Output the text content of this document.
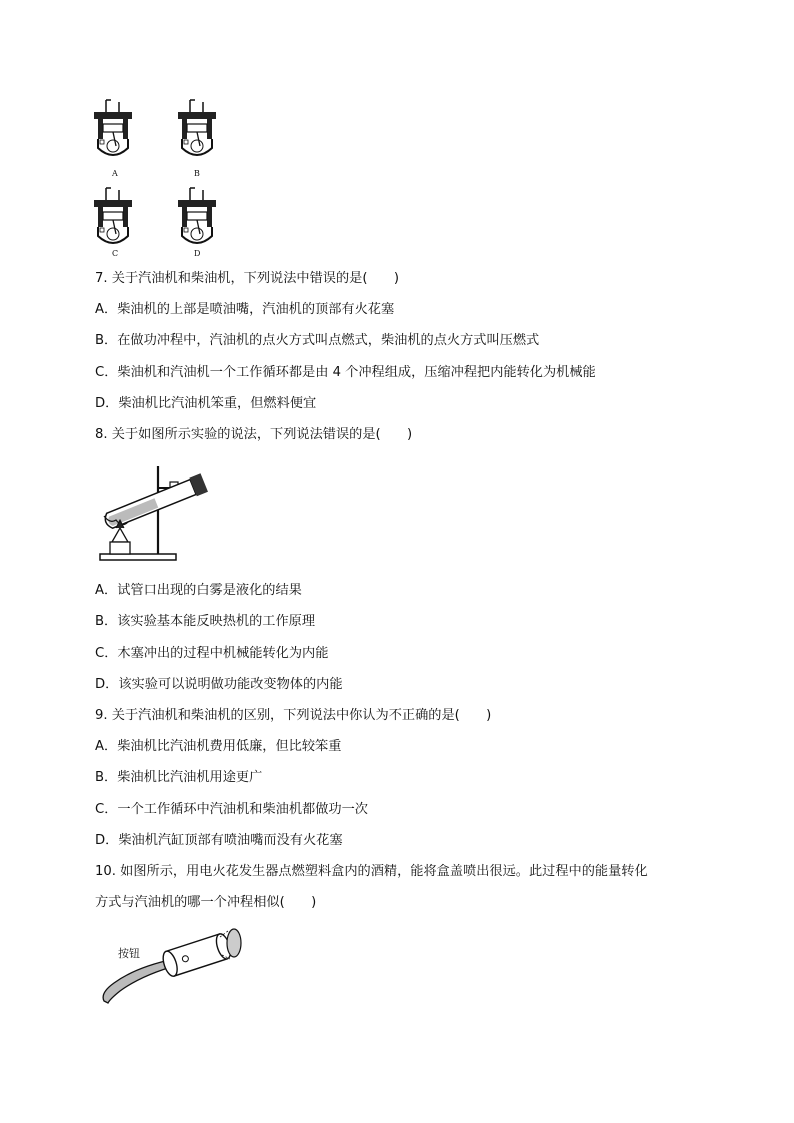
A	B
C	D
7. 关于汽油机和柴油机，下列说法中错误的是(　　)
A．柴油机的上部是喷油嘴，汽油机的顶部有火花塞
B．在做功冲程中，汽油机的点火方式叫点燃式，柴油机的点火方式叫压燃式
C．柴油机和汽油机一个工作循环都是由 4 个冲程组成，压缩冲程把内能转化为机械能
D．柴油机比汽油机笨重，但燃料便宜
8. 关于如图所示实验的说法，下列说法错误的是(　　)
A．试管口出现的白雾是液化的结果
B．该实验基本能反映热机的工作原理
C．木塞冲出的过程中机械能转化为内能
D．该实验可以说明做功能改变物体的内能
9. 关于汽油机和柴油机的区别，下列说法中你认为不正确的是(　　)
A．柴油机比汽油机费用低廉，但比较笨重
B．柴油机比汽油机用途更广
C．一个工作循环中汽油机和柴油机都做功一次
D．柴油机汽缸顶部有喷油嘴而没有火花塞
10. 如图所示，用电火花发生器点燃塑料盒内的酒精，能将盒盖喷出很远。此过程中的能量转化
方式与汽油机的哪一个冲程相似(　　)
按钮
